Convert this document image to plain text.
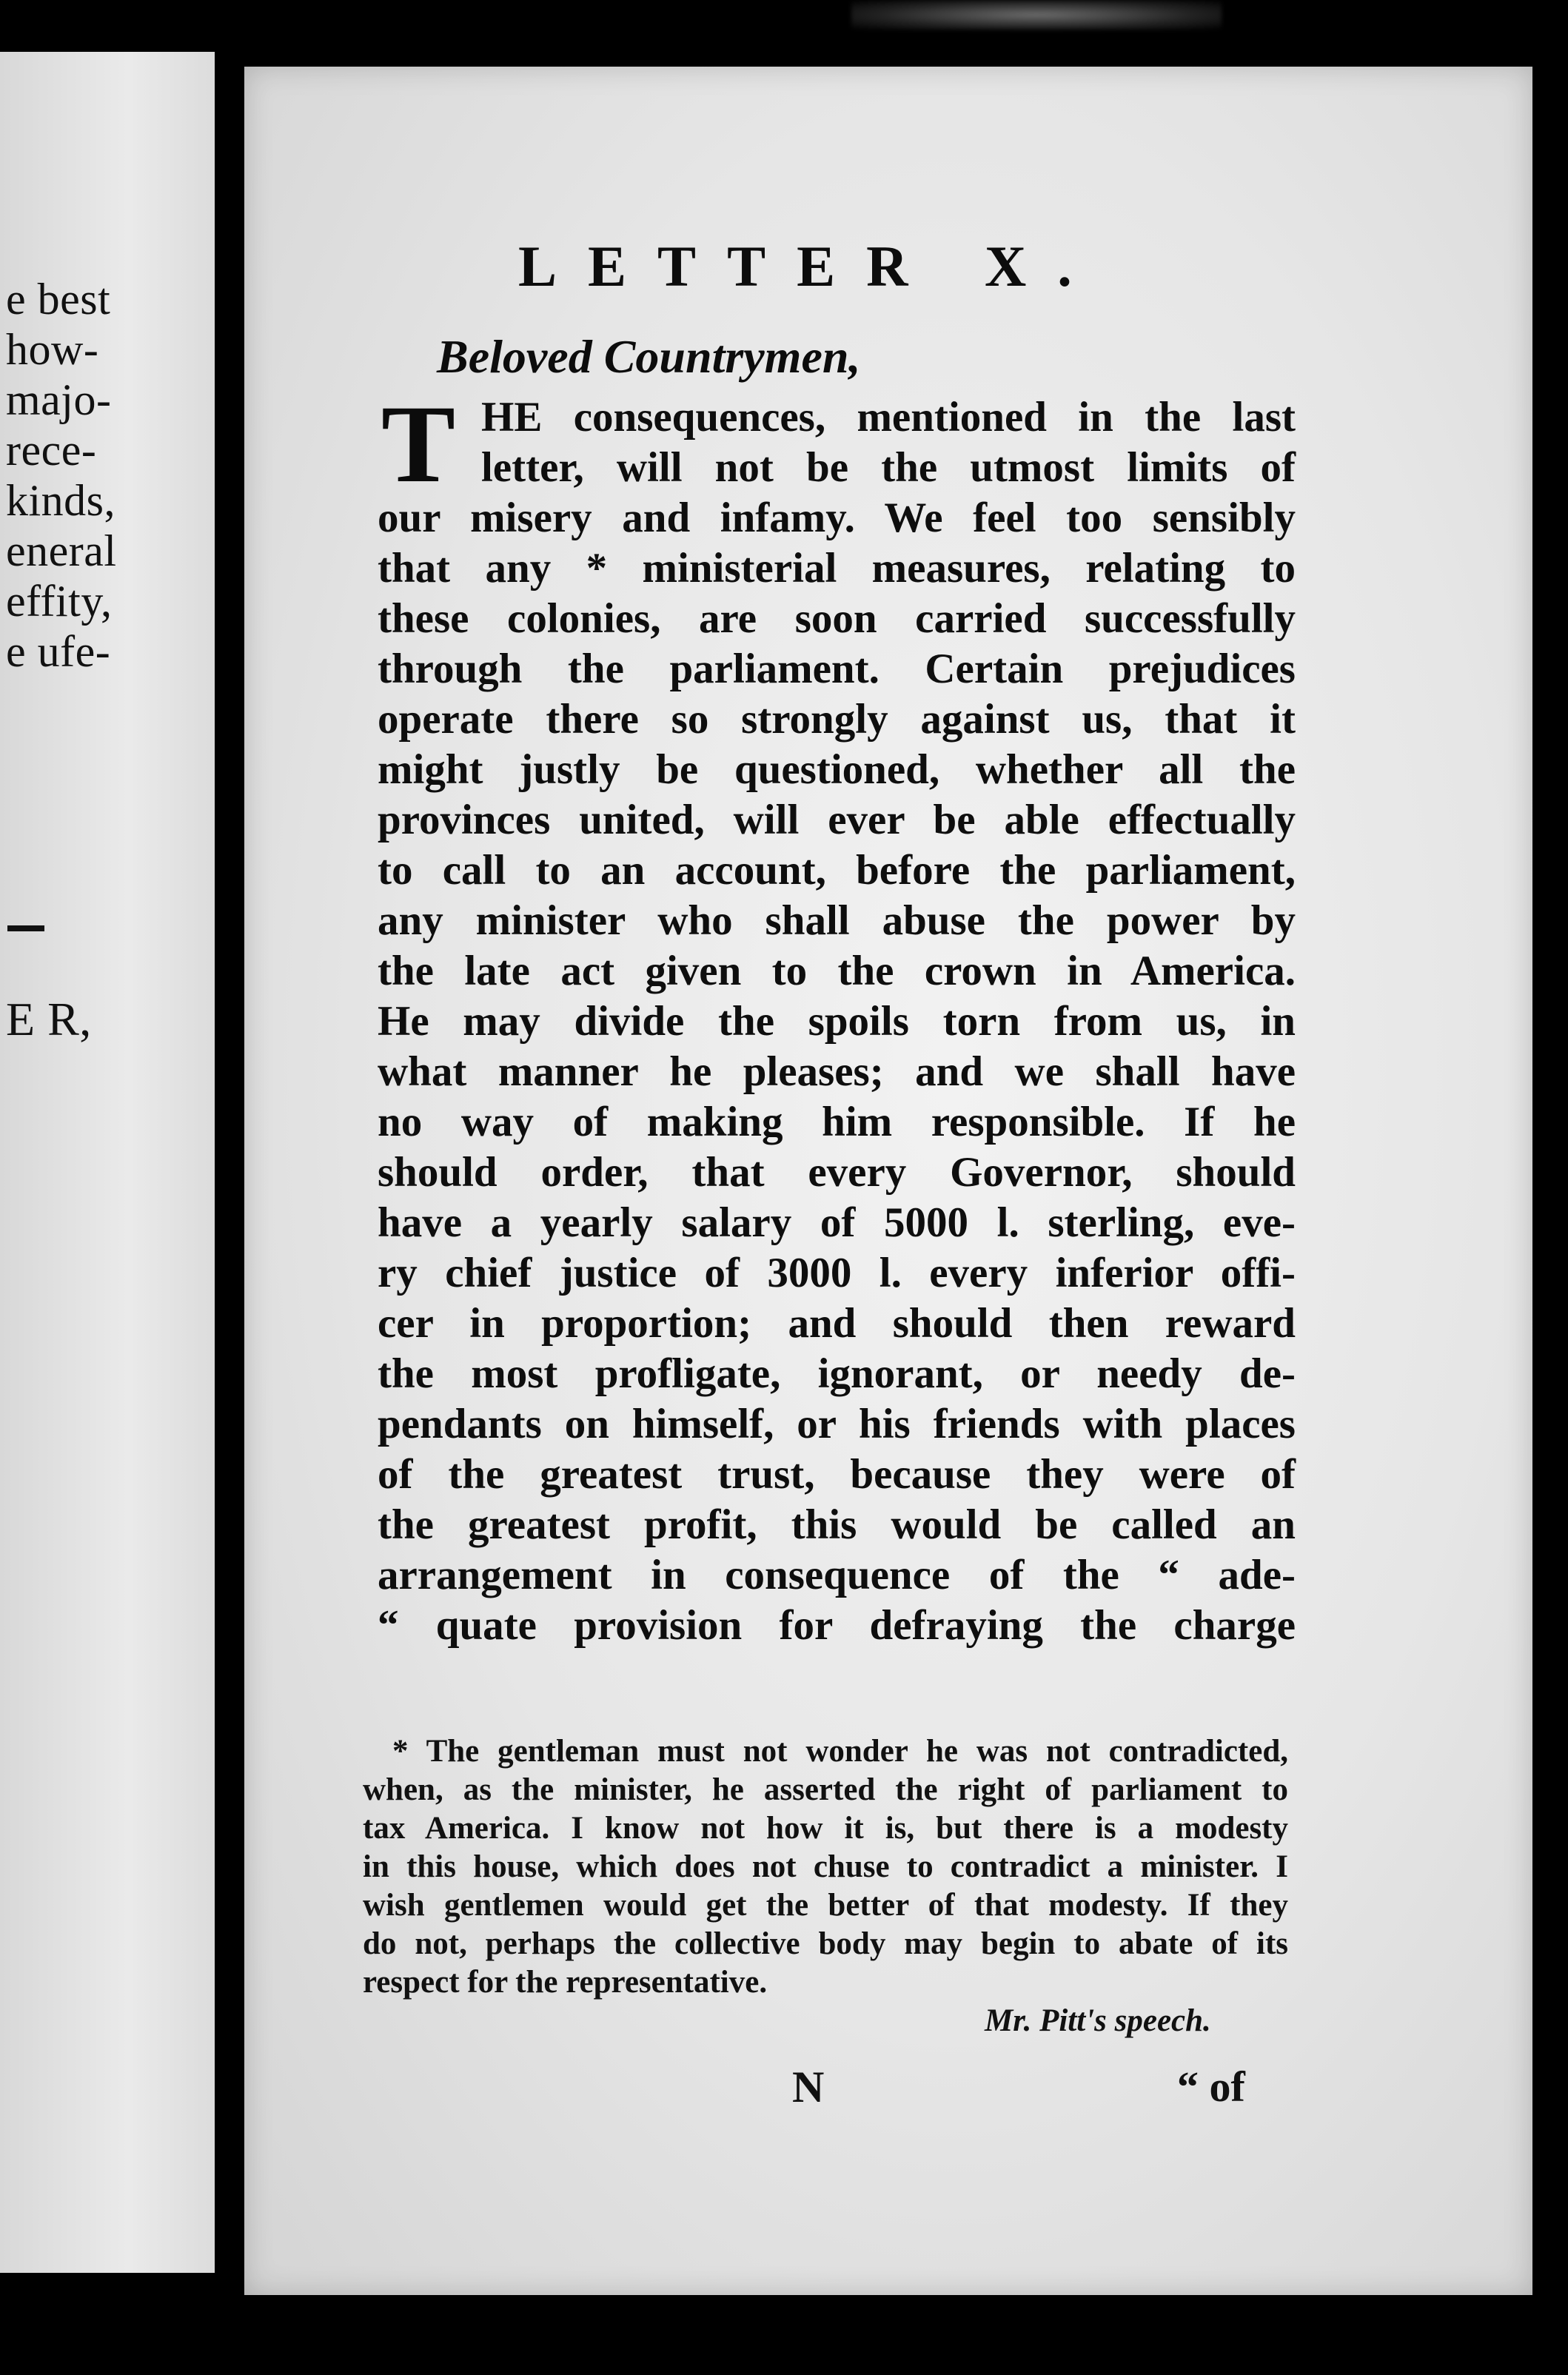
e best
how-
majo-
rece-
kinds,
eneral
effity,
e ufe-
E R,
LETTER X.
Beloved Countrymen,
T HE consequences, mentioned in the last
letter, will not be the utmost limits of
our misery and infamy. We feel too sensibly
that any * ministerial measures, relating to
these colonies, are soon carried successfully
through the parliament. Certain prejudices
operate there so strongly against us, that it
might justly be questioned, whether all the
provinces united, will ever be able effectually
to call to an account, before the parliament,
any minister who shall abuse the power by
the late act given to the crown in America.
He may divide the spoils torn from us, in
what manner he pleases; and we shall have
no way of making him responsible. If he
should order, that every Governor, should
have a yearly salary of 5000 l. sterling, eve-
ry chief justice of 3000 l. every inferior offi-
cer in proportion; and should then reward
the most profligate, ignorant, or needy de-
pendants on himself, or his friends with places
of the greatest trust, because they were of
the greatest profit, this would be called an
arrangement in consequence of the “ ade-
“ quate provision for defraying the charge
* The gentleman must not wonder he was not contradicted,
when, as the minister, he asserted the right of parliament to
tax America. I know not how it is, but there is a modesty
in this house, which does not chuse to contradict a minister. I
wish gentlemen would get the better of that modesty. If they
do not, perhaps the collective body may begin to abate of its
respect for the representative.
Mr. Pitt's speech.
N	“ of
